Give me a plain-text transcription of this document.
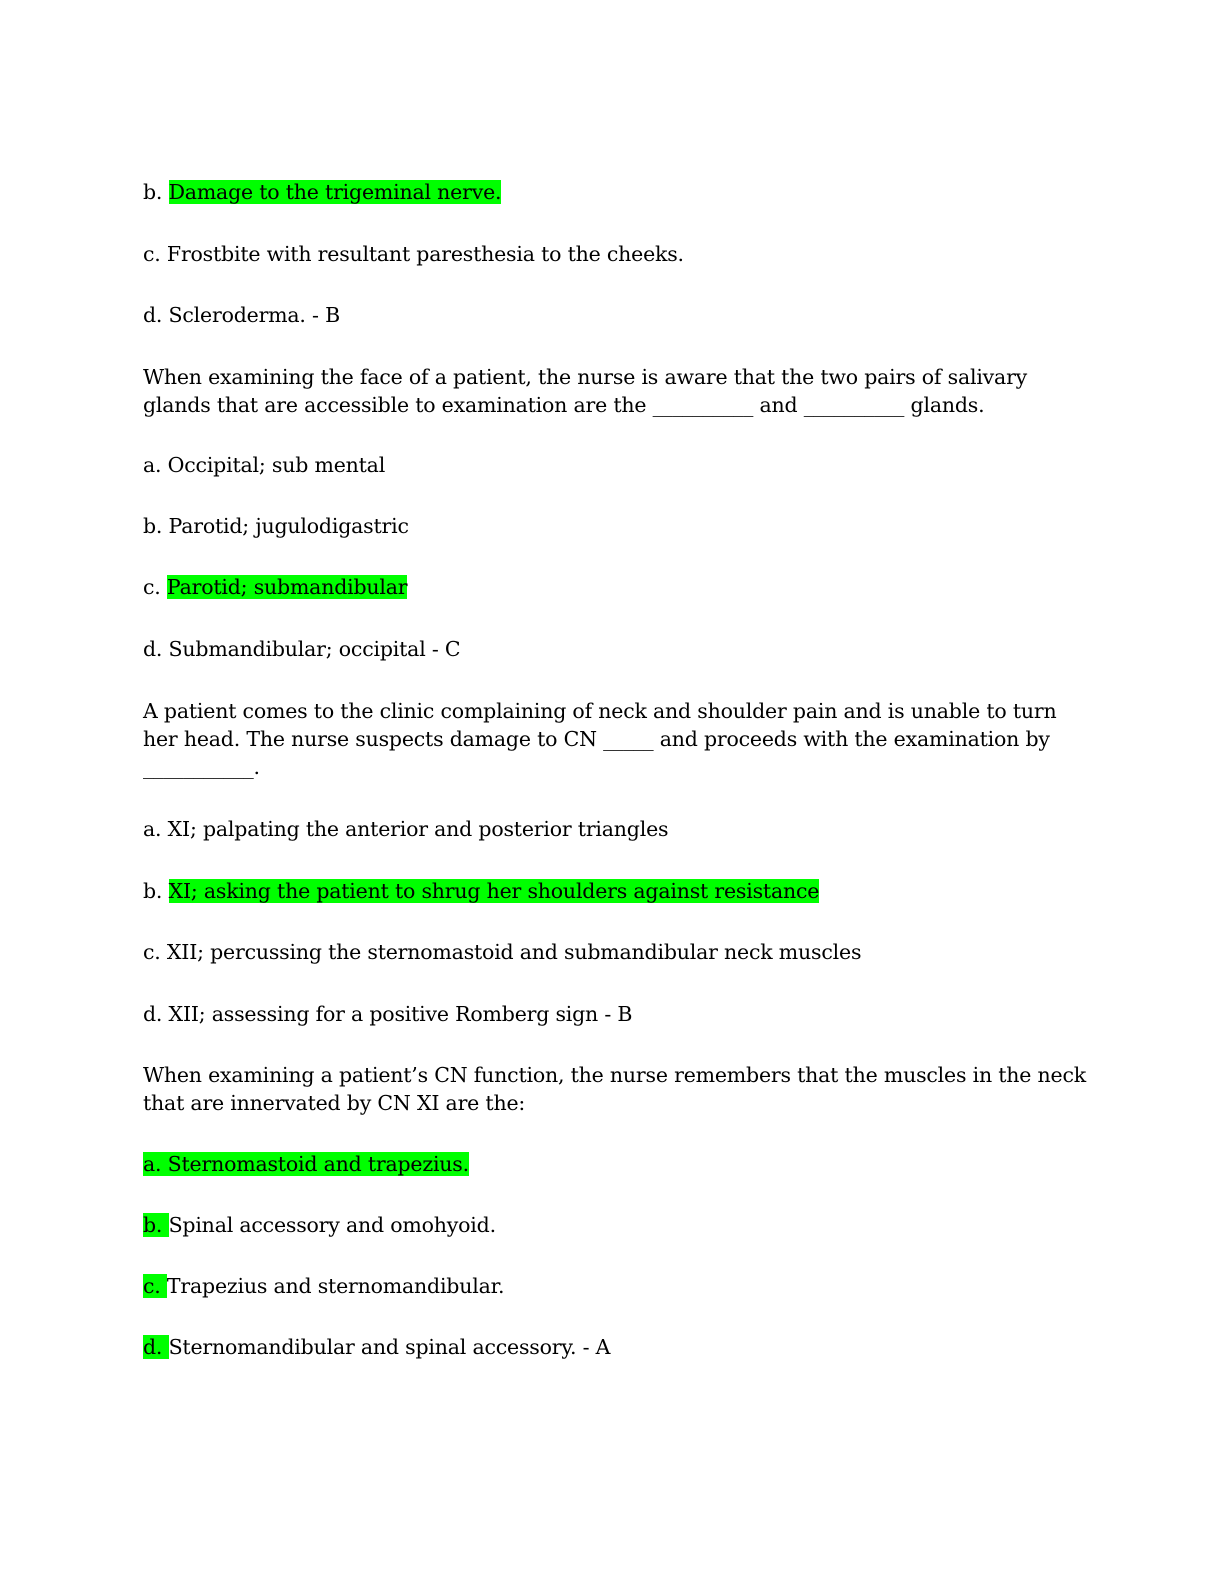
b. Damage to the trigeminal nerve.
c. Frostbite with resultant paresthesia to the cheeks.
d. Scleroderma. - B
When examining the face of a patient, the nurse is aware that the two pairs of salivary
glands that are accessible to examination are the __________ and __________ glands.
a. Occipital; sub mental
b. Parotid; jugulodigastric
c. Parotid; submandibular
d. Submandibular; occipital - C
A patient comes to the clinic complaining of neck and shoulder pain and is unable to turn
her head. The nurse suspects damage to CN _____ and proceeds with the examination by
___________.
a. XI; palpating the anterior and posterior triangles
b. XI; asking the patient to shrug her shoulders against resistance
c. XII; percussing the sternomastoid and submandibular neck muscles
d. XII; assessing for a positive Romberg sign - B
When examining a patient’s CN function, the nurse remembers that the muscles in the neck
that are innervated by CN XI are the:
a. Sternomastoid and trapezius.
b. Spinal accessory and omohyoid.
c. Trapezius and sternomandibular.
d. Sternomandibular and spinal accessory. - A
